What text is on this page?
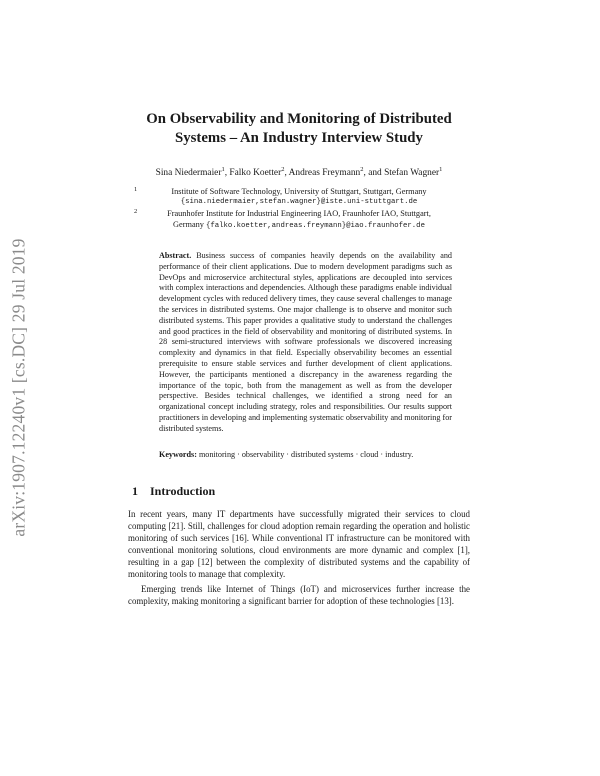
arXiv:1907.12240v1 [cs.DC] 29 Jul 2019
On Observability and Monitoring of Distributed
Systems – An Industry Interview Study
Sina Niedermaier$^1$, Falko Koetter$^2$, Andreas Freymann$^2$, and Stefan Wagner$^1$
1	Institute of Software Technology, University of Stuttgart, Stuttgart, Germany
{sina.niedermaier,stefan.wagner}@iste.uni-stuttgart.de
2	Fraunhofer Institute for Industrial Engineering IAO, Fraunhofer IAO, Stuttgart,
Germany {falko.koetter,andreas.freymann}@iao.fraunhofer.de
Abstract. Business success of companies heavily depends on the availability and performance of their client applications. Due to modern development paradigms such as DevOps and microservice architectural styles, applications are decoupled into services with complex interactions and dependencies. Although these paradigms enable individual development cycles with reduced delivery times, they cause several challenges to manage the services in distributed systems. One major challenge is to observe and monitor such distributed systems. This paper provides a qualitative study to understand the challenges and good practices in the field of observability and monitoring of distributed systems. In 28 semi-structured interviews with software professionals we discovered increasing complexity and dynamics in that field. Especially observability becomes an essential prerequisite to ensure stable services and further development of client applications. However, the participants mentioned a discrepancy in the awareness regarding the importance of the topic, both from the management as well as from the developer perspective. Besides technical challenges, we identified a strong need for an organizational concept including strategy, roles and responsibilities. Our results support practitioners in developing and implementing systematic observability and monitoring for distributed systems.
Keywords: monitoring · observability · distributed systems · cloud · industry.
1 Introduction

In recent years, many IT departments have successfully migrated their services to cloud computing [21]. Still, challenges for cloud adoption remain regarding the operation and holistic monitoring of such services [16]. While conventional IT infrastructure can be monitored with conventional monitoring solutions, cloud environments are more dynamic and complex [1], resulting in a gap [12] between the complexity of distributed systems and the capability of monitoring tools to manage that complexity.

Emerging trends like Internet of Things (IoT) and microservices further increase the complexity, making monitoring a significant barrier for adoption of these technologies [13].
